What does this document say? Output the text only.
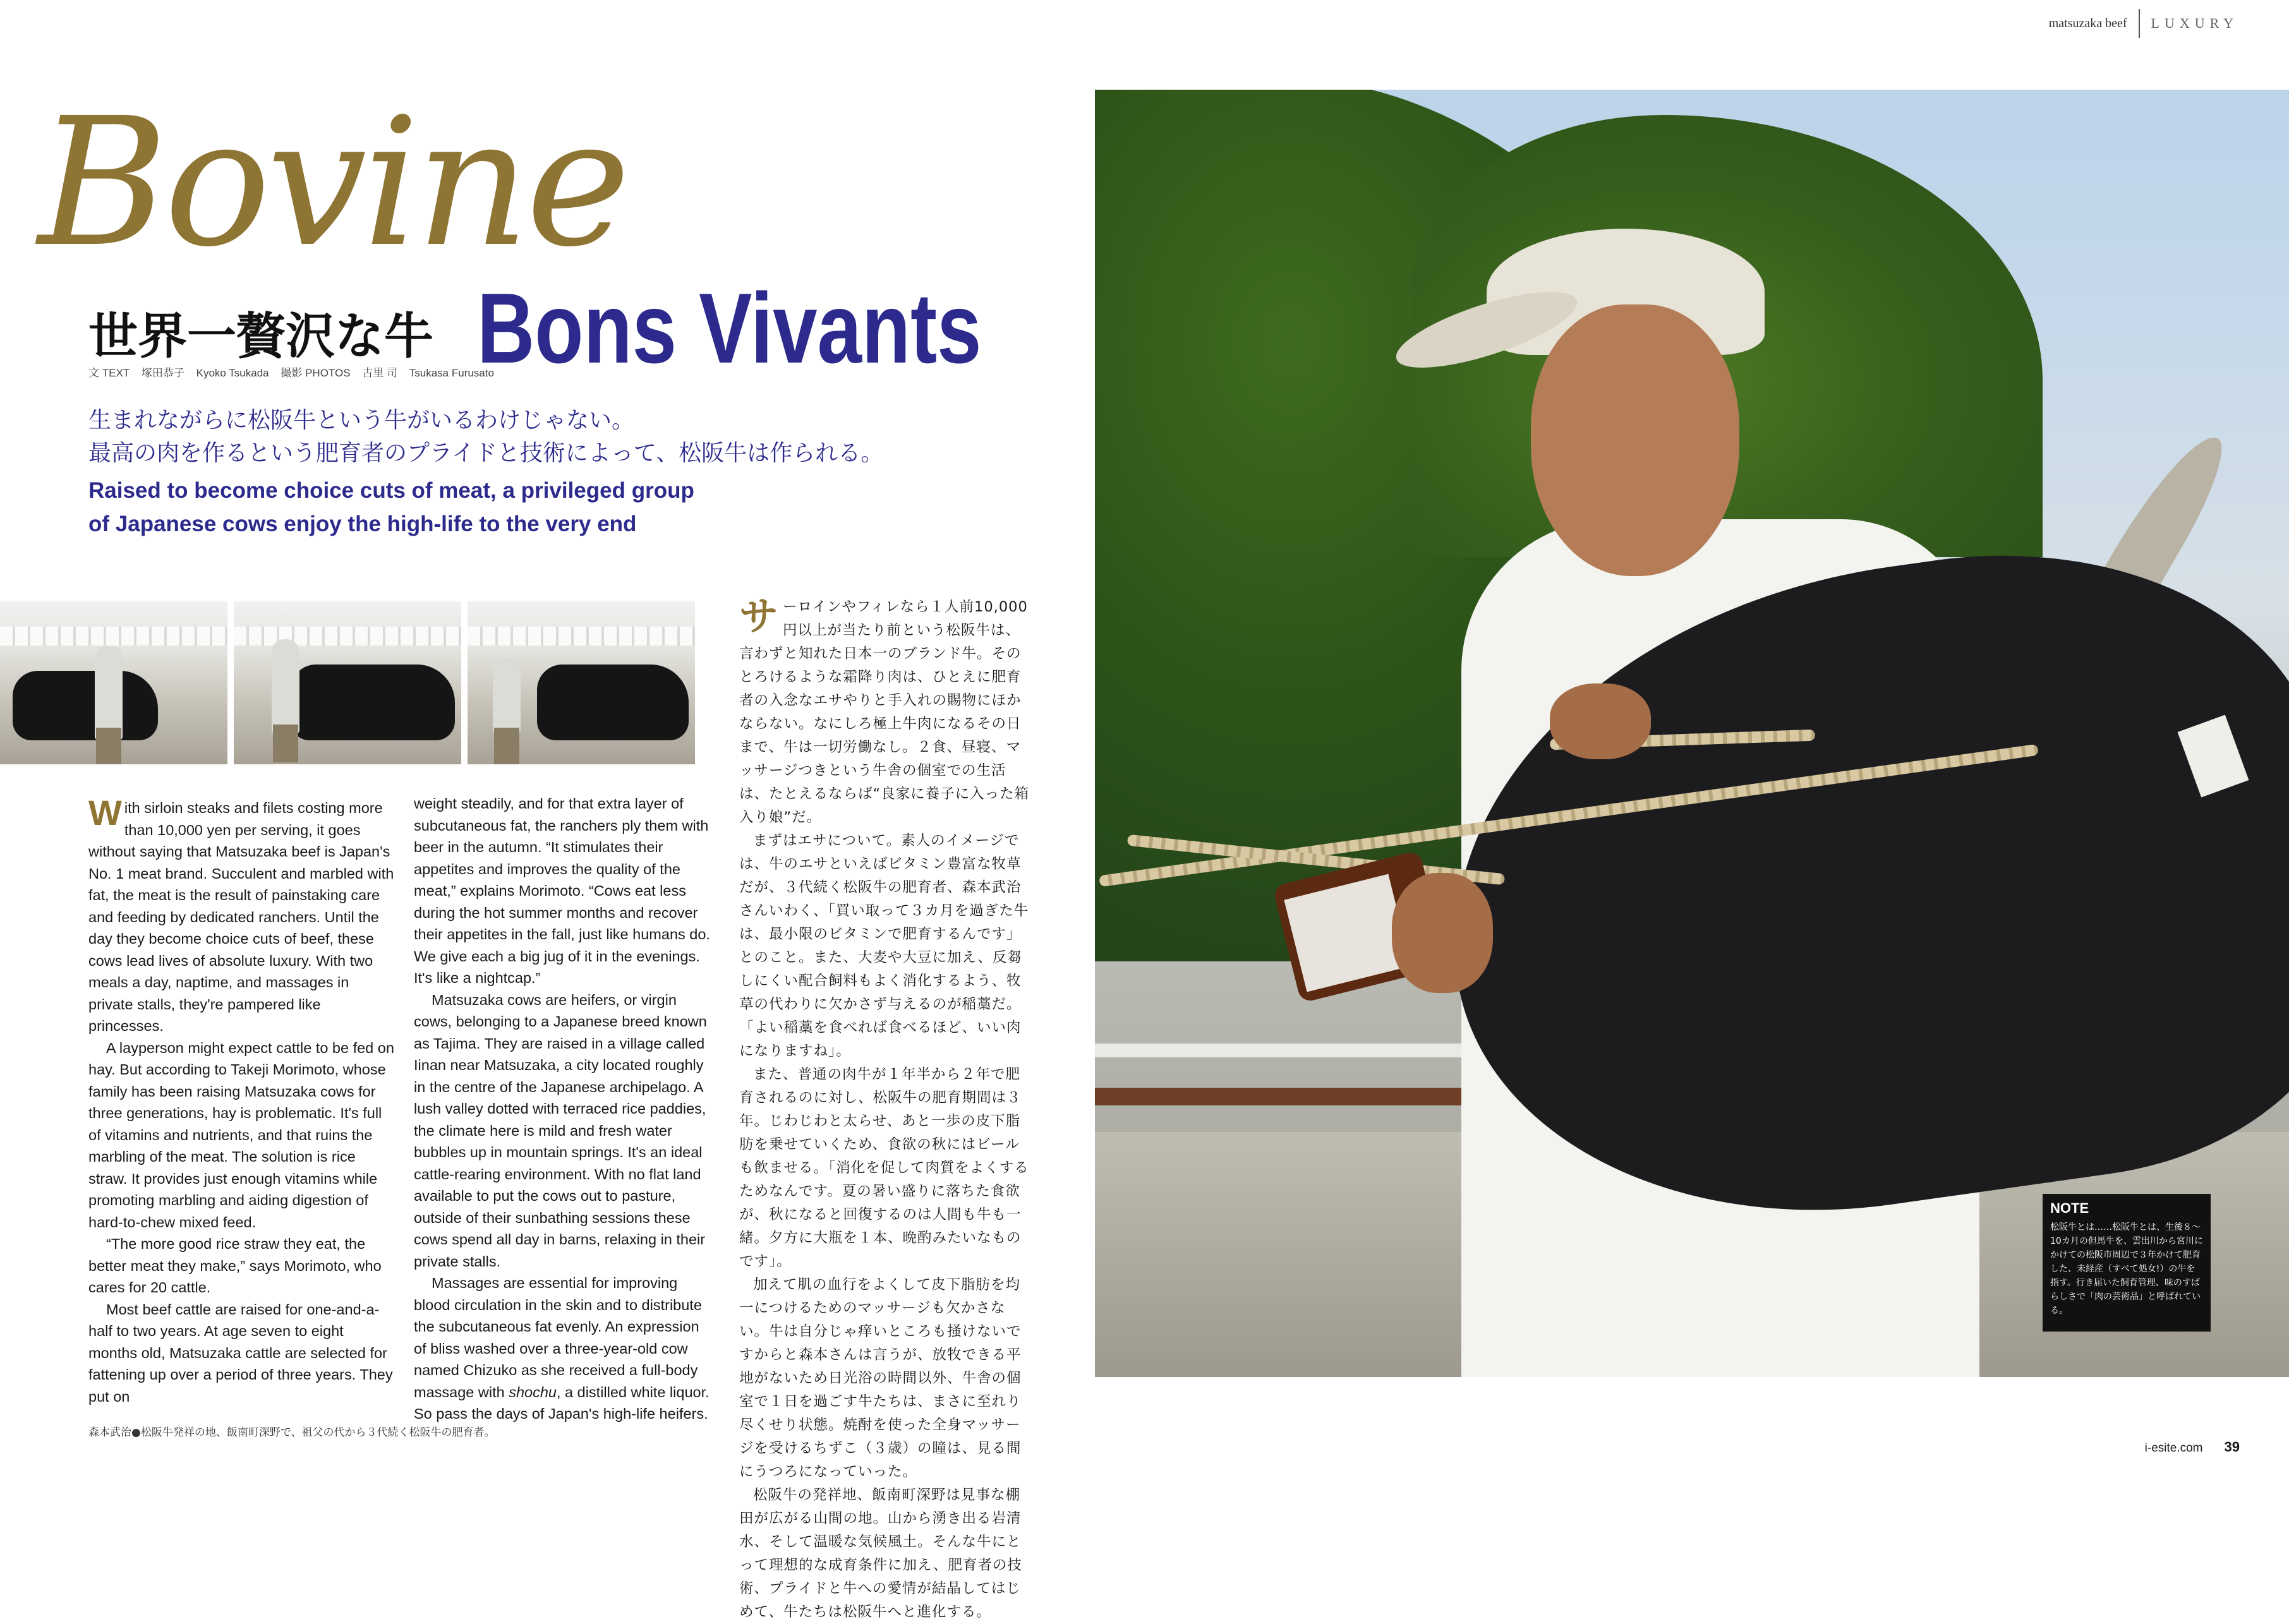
matsuzaka beef LUXURY
Bovine
世界一贅沢な牛 Bons Vivants
文 TEXT 塚田恭子 Kyoko Tsukada 撮影 PHOTOS 古里 司 Tsukasa Furusato
生まれながらに松阪牛という牛がいるわけじゃない。
最高の肉を作るという肥育者のプライドと技術によって、松阪牛は作られる。
Raised to become choice cuts of meat, a privileged group of Japanese cows enjoy the high-life to the very end

With sirloin steaks and filets costing more than 10,000 yen per serving, it goes without saying that Matsuzaka beef is Japan's No. 1 meat brand. Succulent and marbled with fat, the meat is the result of painstaking care and feeding by dedicated ranchers. Until the day they become choice cuts of beef, these cows lead lives of absolute luxury. With two meals a day, naptime, and massages in private stalls, they're pampered like princesses.

A layperson might expect cattle to be fed on hay. But according to Takeji Morimoto, whose family has been raising Matsuzaka cows for three generations, hay is problematic. It's full of vitamins and nutrients, and that ruins the marbling of the meat. The solution is rice straw. It provides just enough vitamins while promoting marbling and aiding digestion of hard-to-chew mixed feed.

“The more good rice straw they eat, the better meat they make,” says Morimoto, who cares for 20 cattle.

Most beef cattle are raised for one-and-a-half to two years. At age seven to eight months old, Matsuzaka cattle are selected for fattening up over a period of three years. They put on

weight steadily, and for that extra layer of subcutaneous fat, the ranchers ply them with beer in the autumn. “It stimulates their appetites and improves the quality of the meat,” explains Morimoto. “Cows eat less during the hot summer months and recover their appetites in the fall, just like humans do. We give each a big jug of it in the evenings. It's like a nightcap.”

Matsuzaka cows are heifers, or virgin cows, belonging to a Japanese breed known as Tajima. They are raised in a village called Iinan near Matsuzaka, a city located roughly in the centre of the Japanese archipelago. A lush valley dotted with terraced rice paddies, the climate here is mild and fresh water bubbles up in mountain springs. It's an ideal cattle-rearing environment. With no flat land available to put the cows out to pasture, outside of their sunbathing sessions these cows spend all day in barns, relaxing in their private stalls.

Massages are essential for improving blood circulation in the skin and to distribute the subcutaneous fat evenly. An expression of bliss washed over a three-year-old cow named Chizuko as she received a full-body massage with shochu, a distilled white liquor. So pass the days of Japan's high-life heifers.

サ ーロインやフィレなら１人前10,000円以上が当たり前という松阪牛は、言わずと知れた日本一のブランド牛。そのとろけるような霜降り肉は、ひとえに肥育者の入念なエサやりと手入れの賜物にほかならない。なにしろ極上牛肉になるその日まで、牛は一切労働なし。２食、昼寝、マッサージつきという牛舎の個室での生活は、たとえるならば“良家に養子に入った箱入り娘”だ。

まずはエサについて。素人のイメージでは、牛のエサといえばビタミン豊富な牧草だが、３代続く松阪牛の肥育者、森本武治さんいわく、「買い取って３カ月を過ぎた牛は、最小限のビタミンで肥育するんです」とのこと。また、大麦や大豆に加え、反芻しにくい配合飼料もよく消化するよう、牧草の代わりに欠かさず与えるのが稲藁だ。「よい稲藁を食べれば食べるほど、いい肉になりますね」。

また、普通の肉牛が１年半から２年で肥育されるのに対し、松阪牛の肥育期間は３年。じわじわと太らせ、あと一歩の皮下脂肪を乗せていくため、食欲の秋にはビールも飲ませる。「消化を促して肉質をよくするためなんです。夏の暑い盛りに落ちた食欲が、秋になると回復するのは人間も牛も一緒。夕方に大瓶を１本、晩酌みたいなものです」。

加えて肌の血行をよくして皮下脂肪を均一につけるためのマッサージも欠かさない。牛は自分じゃ痒いところも掻けないですからと森本さんは言うが、放牧できる平地がないため日光浴の時間以外、牛舎の個室で１日を過ごす牛たちは、まさに至れり尽くせり状態。焼酎を使った全身マッサージを受けるちずこ（３歳）の瞳は、見る間にうつろになっていった。

松阪牛の発祥地、飯南町深野は見事な棚田が広がる山間の地。山から湧き出る岩清水、そして温暖な気候風土。そんな牛にとって理想的な成育条件に加え、肥育者の技術、プライドと牛への愛情が結晶してはじめて、牛たちは松阪牛へと進化する。

森本武治●松阪牛発祥の地、飯南町深野で、祖父の代から３代続く松阪牛の肥育者。
NOTE
松阪牛とは……松阪牛とは、生後８〜10カ月の但馬牛を、雲出川から宮川にかけての松阪市周辺で３年かけて肥育した、未経産（すべて処女!）の牛を指す。行き届いた飼育管理、味のすばらしさで「肉の芸術品」と呼ばれている。
i-esite.com 39
